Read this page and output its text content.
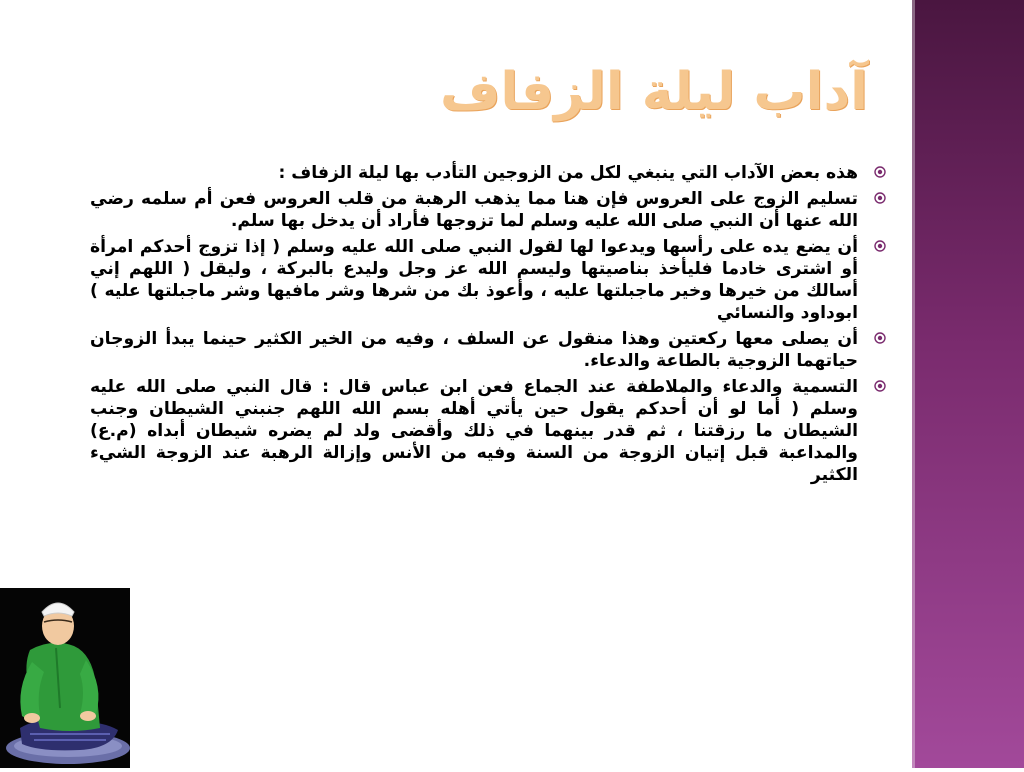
آداب ليلة الزفاف
هذه بعض الآداب التي ينبغي لكل من الزوجين التأدب بها ليلة الزفاف :
تسليم الزوج على العروس فإن هنا مما يذهب الرهبة من قلب العروس فعن أم سلمه رضي الله عنها أن النبي صلى الله عليه وسلم لما تزوجها فأراد أن يدخل بها سلم.
أن يضع يده على رأسها ويدعوا لها لقول النبي صلى الله عليه وسلم ( إذا تزوج أحدكم امرأة أو اشترى خادما فليأخذ بناصيتها وليسم الله عز وجل وليدع بالبركة ، وليقل ( اللهم إني أسالك من خيرها وخير ماجبلتها عليه ، وأعوذ بك من شرها وشر مافيها وشر ماجبلتها عليه ) ابوداود والنسائي
أن يصلى معها ركعتين وهذا منقول عن السلف ، وفيه من الخير الكثير حينما يبدأ الزوجان حياتهما الزوجية بالطاعة والدعاء.
التسمية والدعاء والملاطفة عند الجماع فعن ابن عباس قال : قال النبي صلى الله عليه وسلم ( أما لو أن أحدكم يقول حين يأتي أهله بسم الله اللهم جنبني الشيطان وجنب الشيطان ما رزقتنا ، ثم قدر بينهما في ذلك وأقضى ولد لم يضره شيطان أبداه (م.ع) والمداعبة قبل إتيان الزوجة من السنة وفيه من الأنس وإزالة الرهبة عند الزوجة الشيء الكثير
